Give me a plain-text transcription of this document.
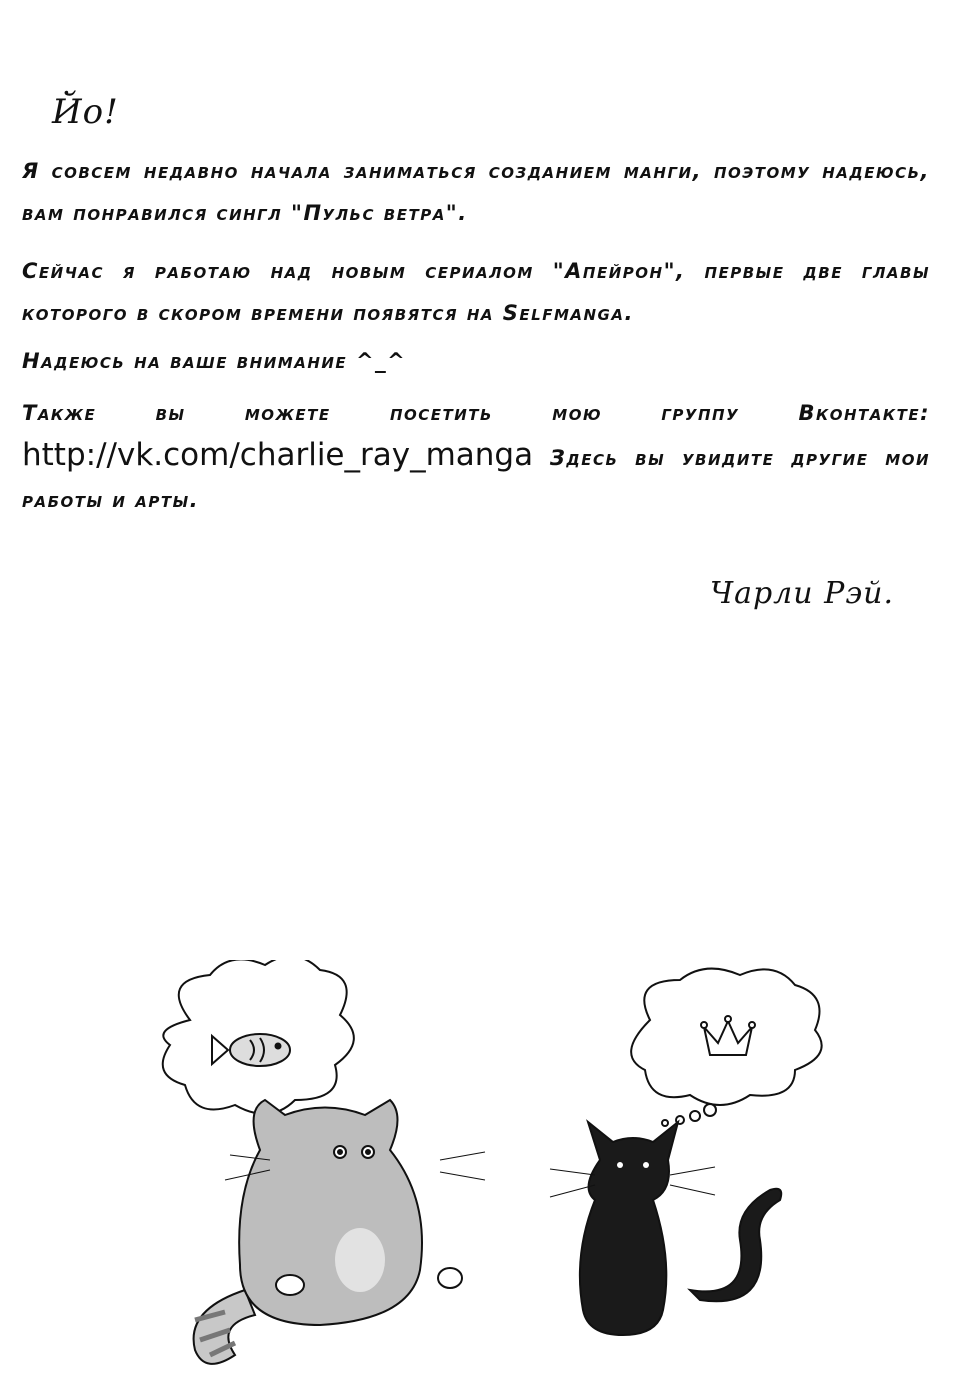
Йо!

Я совсем недавно начала заниматься созданием манги, поэтому надеюсь, вам понравился сингл "Пульс ветра".

Сейчас я работаю над новым сериалом "Апейрон", первые две главы которого в скором времени появятся на Selfmanga.

Надеюсь на ваше внимание ^_^

Также вы можете посетить мою группу Вконтакте: http://vk.com/charlie_ray_manga Здесь вы увидите другие мои работы и арты.

Чарли Рэй.
